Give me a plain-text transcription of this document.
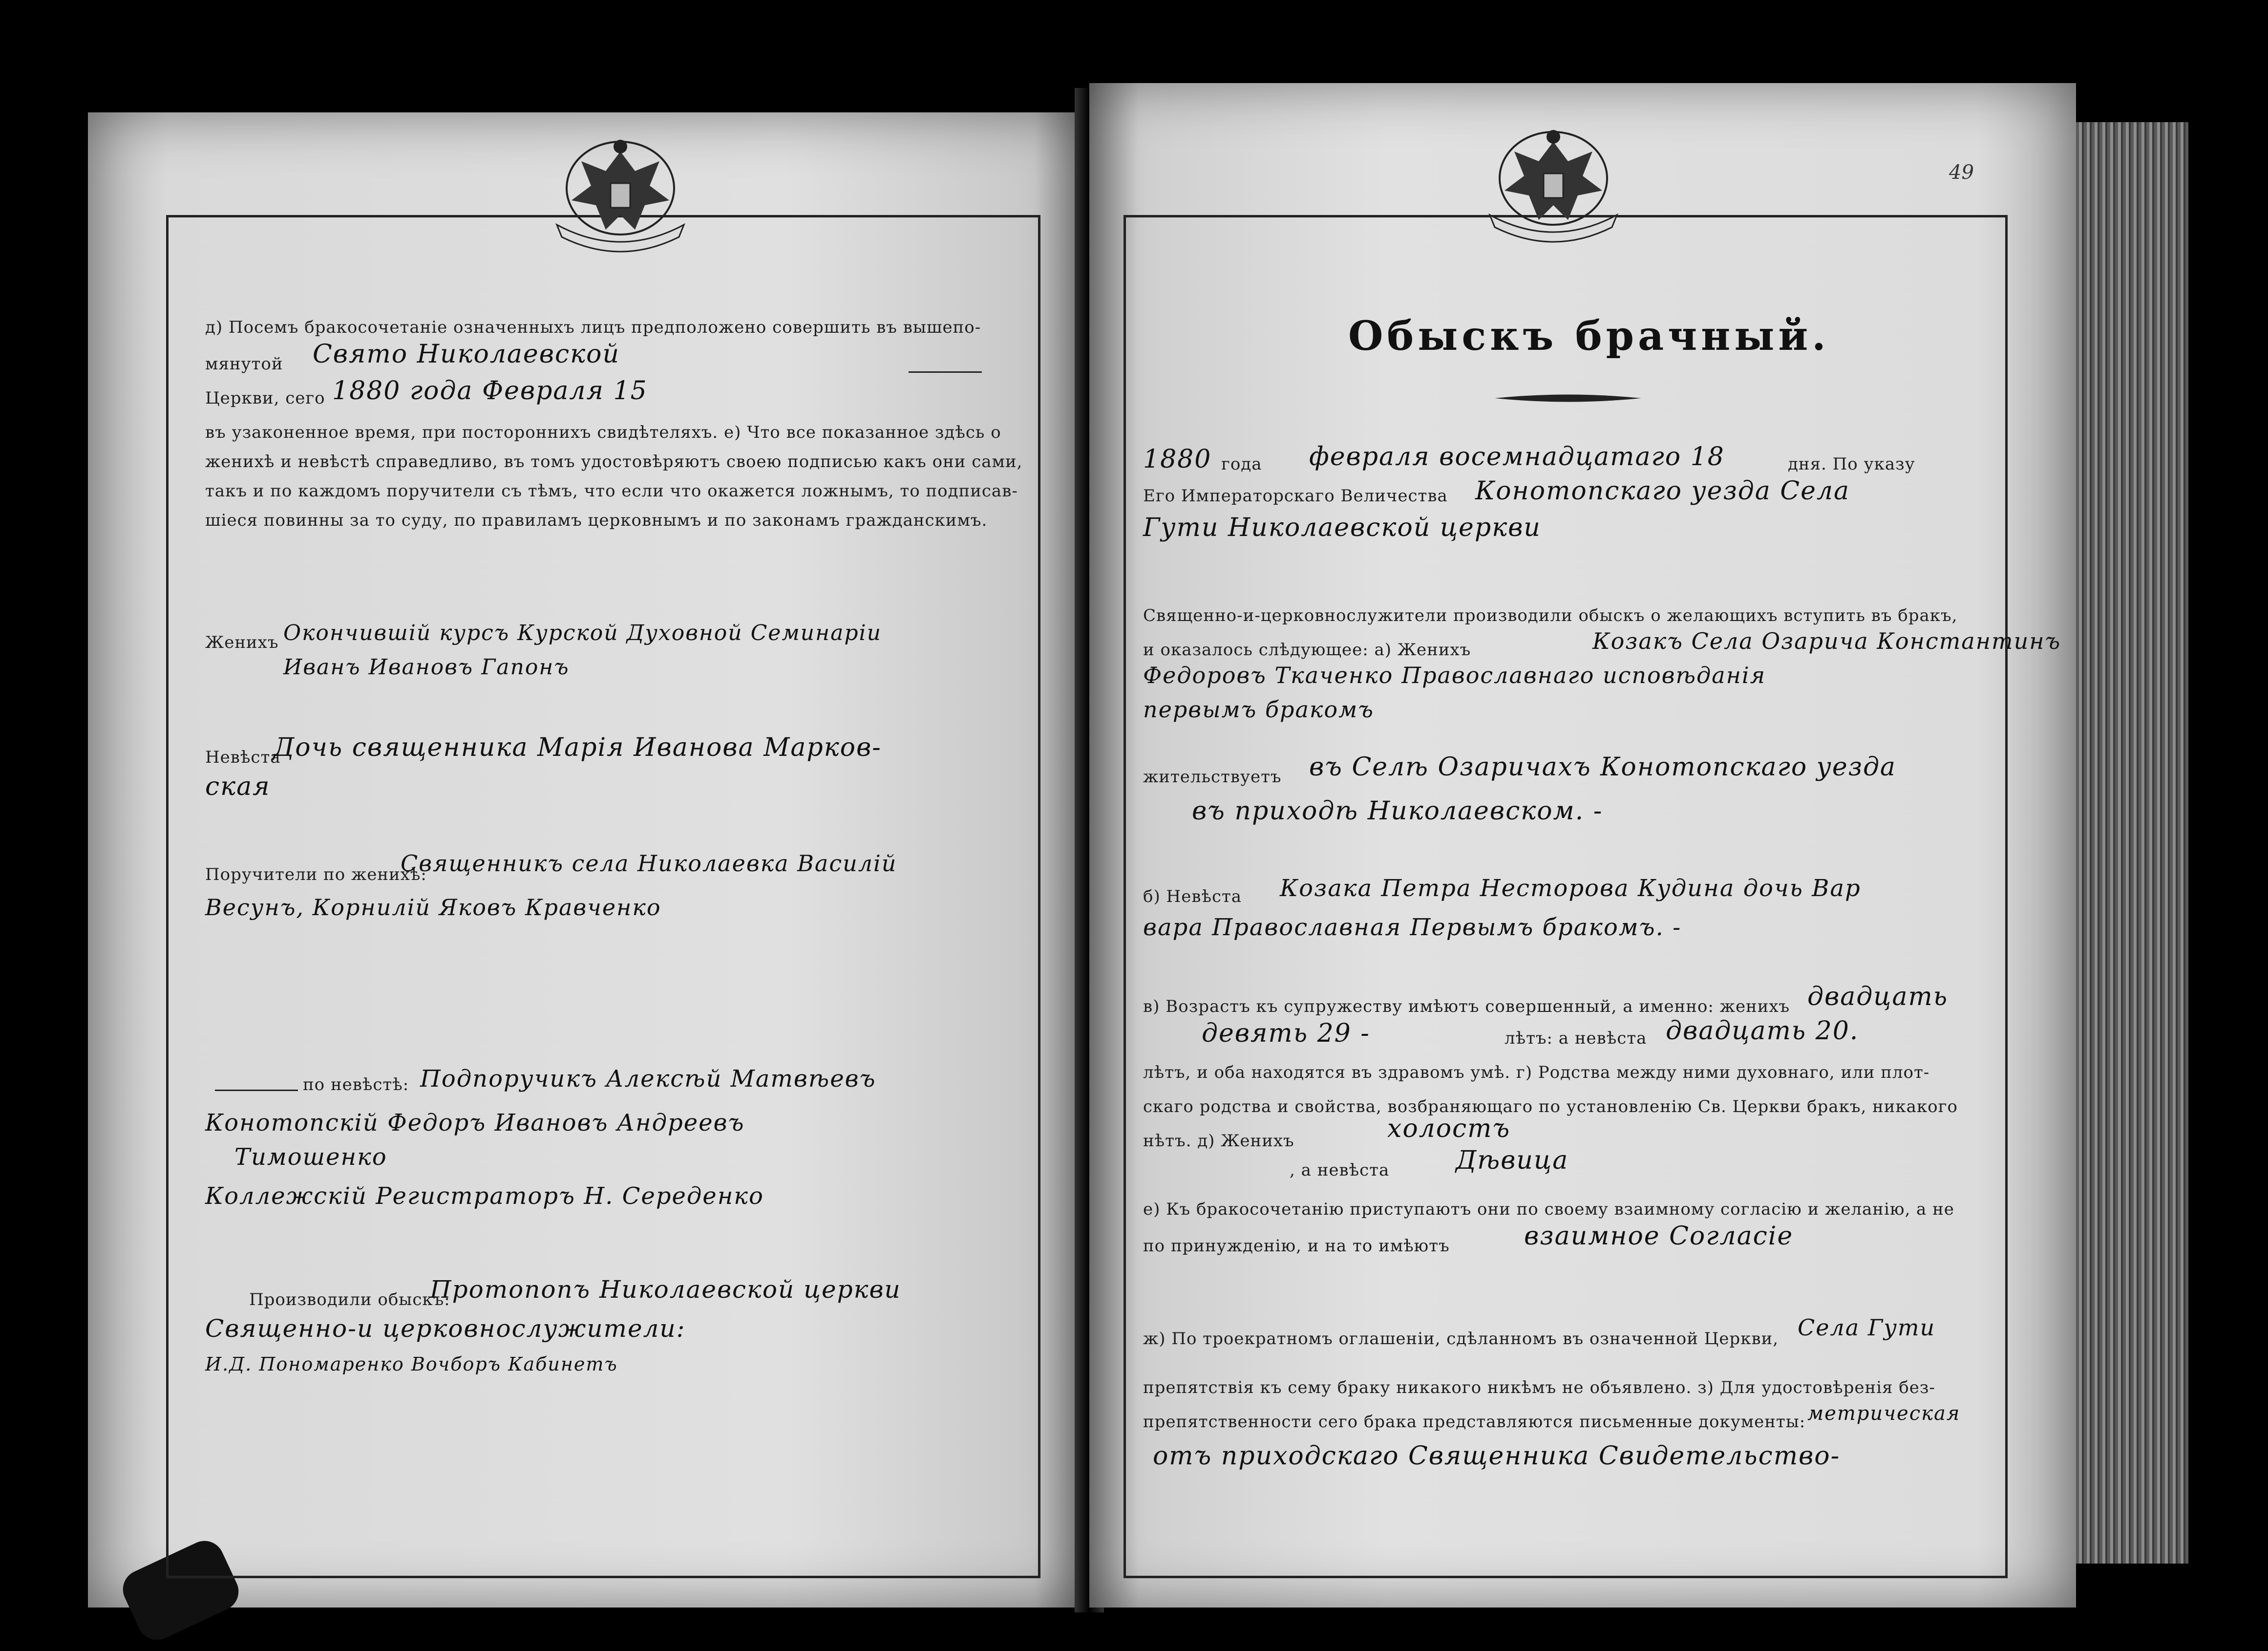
д) Посемъ бракосочетанie означенныхъ лицъ предположено совершить въ вышепо-
мянутой Свято Николаевской
Церкви, сего 1880 года Февраля 15
въ узаконенное время, при постороннихъ свидѣтеляхъ. е) Что все показанное здѣсь о
женихѣ и невѣстѣ справедливо, въ томъ удостовѣряютъ своею подписью какъ они сами,
такъ и по каждомъ поручители съ тѣмъ, что если что окажется ложнымъ, то подписав-
шiеся повинны за то суду, по правиламъ церковнымъ и по законамъ гражданскимъ.
Женихъ Окончившiй курсъ Курской Духовной Семинарiи
Иванъ Ивановъ Гапонъ
Невѣста
Дочь священника Марiя Иванова Марков-
ская
Поручители по женихѣ:
Священникъ села Николаевка Василiй
Весунъ, Корнилiй Яковъ Кравченко
по невѣстѣ: Подпоручикъ Алексѣй Матвѣевъ
Конотопскiй Федоръ Ивановъ Андреевъ
Тимошенко
Коллежскiй Регистраторъ Н. Середенко
Производили обыскъ:
Протопопъ Николаевской церкви
Священно-и церковнослужители:
И.Д. Пономаренко Вочборъ Кабинетъ
49
Обыскъ брачный.
1880 года февраля восемнадцатаго 18	дня. По указу
Его Императорскаго Величества Конотопскаго уезда Села
Гути Николаевской церкви
Священно-и-церковнослужители производили обыскъ о желающихъ вступить въ бракъ,
и оказалось слѣдующее: а) Женихъ	Козакъ Села Озарича Константинъ
Федоровъ Ткаченко Православнаго исповѣданiя
первымъ бракомъ
жительствуетъ въ Селѣ Озаричахъ Конотопскаго уезда
въ приходѣ Николаевском. -
б) Невѣста Козака Петра Несторова Кудина дочь Вар
вара Православная Первымъ бракомъ. -
в) Возрастъ къ супружеству имѣютъ совершенный, а именно: женихъ двадцать
девять 29 -	лѣтъ: а невѣста двадцать 20.
лѣтъ, и оба находятся въ здравомъ умѣ. г) Родства между ними духовнаго, или плот-
скаго родства и свойства, возбраняющаго по установленiю Св. Церкви бракъ, никакого
нѣтъ. д) Женихъ	холостъ
, а невѣста	Дѣвица
е) Къ бракосочетанiю приступаютъ они по своему взаимному согласiю и желанiю, а не
по принужденiю, и на то имѣютъ	взаимное Согласiе
ж) По троекратномъ оглашенiи, сдѣланномъ въ означенной Церкви, Села Гути
препятствiя къ сему браку никакого никѣмъ не объявлено. з) Для удостовѣренiя без-
препятственности сего брака представляются письменные документы: метрическая
отъ приходскаго Священника Свидетельство-
